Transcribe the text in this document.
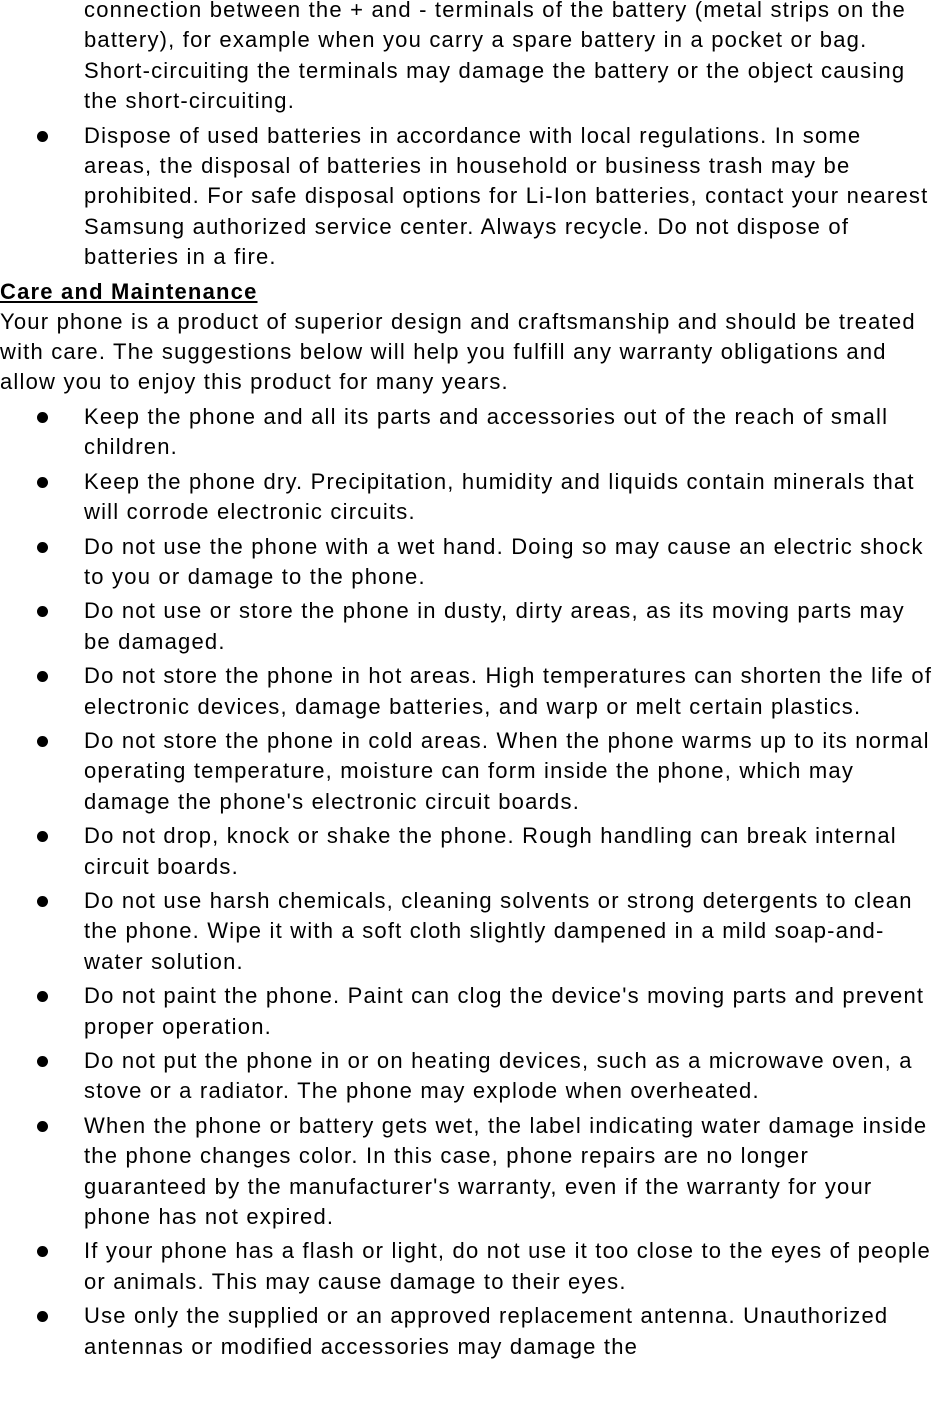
connection between the + and - terminals of the battery (metal strips on the battery), for example when you carry a spare battery in a pocket or bag. Short-circuiting the terminals may damage the battery or the object causing the short-circuiting.

Dispose of used batteries in accordance with local regulations. In some areas, the disposal of batteries in household or business trash may be prohibited. For safe disposal options for Li-Ion batteries, contact your nearest Samsung authorized service center. Always recycle. Do not dispose of batteries in a fire.
Care and Maintenance

Your phone is a product of superior design and craftsmanship and should be treated with care. The suggestions below will help you fulfill any warranty obligations and allow you to enjoy this product for many years.

Keep the phone and all its parts and accessories out of the reach of small children.
Keep the phone dry. Precipitation, humidity and liquids contain minerals that will corrode electronic circuits.
Do not use the phone with a wet hand. Doing so may cause an electric shock to you or damage to the phone.
Do not use or store the phone in dusty, dirty areas, as its moving parts may be damaged.
Do not store the phone in hot areas. High temperatures can shorten the life of electronic devices, damage batteries, and warp or melt certain plastics.
Do not store the phone in cold areas. When the phone warms up to its normal operating temperature, moisture can form inside the phone, which may damage the phone's electronic circuit boards.
Do not drop, knock or shake the phone. Rough handling can break internal circuit boards.
Do not use harsh chemicals, cleaning solvents or strong detergents to clean the phone. Wipe it with a soft cloth slightly dampened in a mild soap-and-water solution.
Do not paint the phone. Paint can clog the device's moving parts and prevent proper operation.
Do not put the phone in or on heating devices, such as a microwave oven, a stove or a radiator. The phone may explode when overheated.
When the phone or battery gets wet, the label indicating water damage inside the phone changes color. In this case, phone repairs are no longer guaranteed by the manufacturer's warranty, even if the warranty for your phone has not expired.
If your phone has a flash or light, do not use it too close to the eyes of people or animals. This may cause damage to their eyes.
Use only the supplied or an approved replacement antenna. Unauthorized antennas or modified accessories may damage the
